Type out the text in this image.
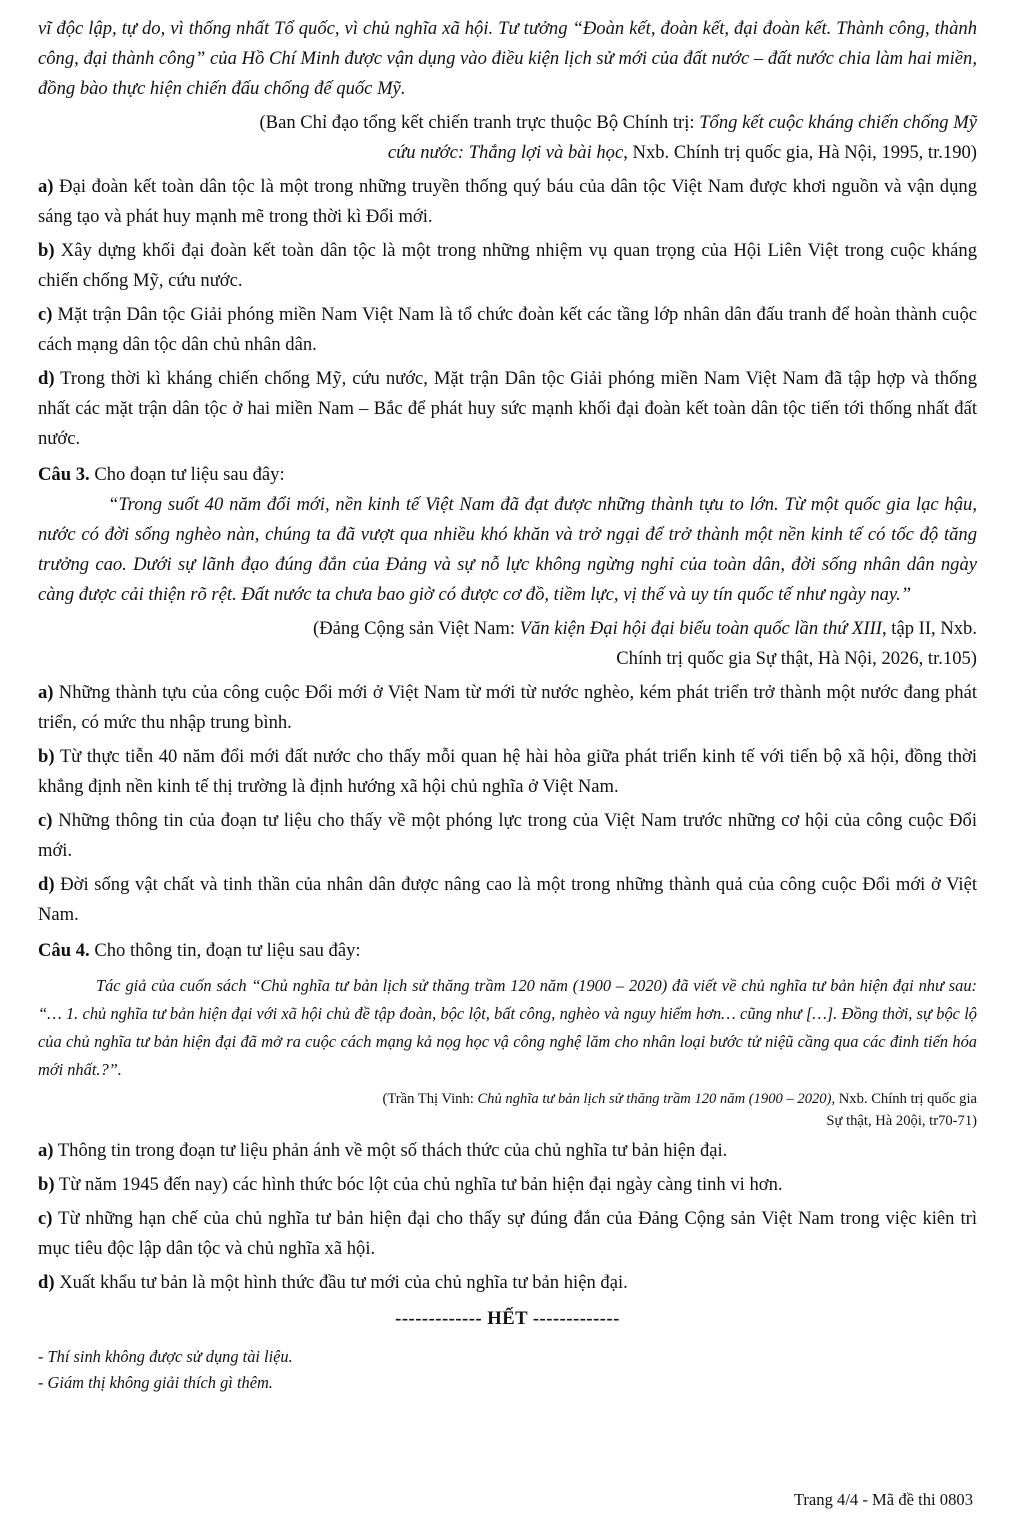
vĩ độc lập, tự do, vì thống nhất Tổ quốc, vì chủ nghĩa xã hội. Tư tưởng “Đoàn kết, đoàn kết, đại đoàn kết. Thành công, thành công, đại thành công” của Hồ Chí Minh được vận dụng vào điều kiện lịch sử mới của đất nước – đất nước chia làm hai miền, đồng bào thực hiện chiến đấu chống đế quốc Mỹ.

(Ban Chỉ đạo tổng kết chiến tranh trực thuộc Bộ Chính trị: Tổng kết cuộc kháng chiến chống Mỹ
cứu nước: Thắng lợi và bài học, Nxb. Chính trị quốc gia, Hà Nội, 1995, tr.190)

a) Đại đoàn kết toàn dân tộc là một trong những truyền thống quý báu của dân tộc Việt Nam được khơi nguồn và vận dụng sáng tạo và phát huy mạnh mẽ trong thời kì Đổi mới.

b) Xây dựng khối đại đoàn kết toàn dân tộc là một trong những nhiệm vụ quan trọng của Hội Liên Việt trong cuộc kháng chiến chống Mỹ, cứu nước.

c) Mặt trận Dân tộc Giải phóng miền Nam Việt Nam là tổ chức đoàn kết các tầng lớp nhân dân đấu tranh để hoàn thành cuộc cách mạng dân tộc dân chủ nhân dân.

d) Trong thời kì kháng chiến chống Mỹ, cứu nước, Mặt trận Dân tộc Giải phóng miền Nam Việt Nam đã tập hợp và thống nhất các mặt trận dân tộc ở hai miền Nam – Bắc để phát huy sức mạnh khối đại đoàn kết toàn dân tộc tiến tới thống nhất đất nước.

Câu 3. Cho đoạn tư liệu sau đây:

“Trong suốt 40 năm đổi mới, nền kinh tế Việt Nam đã đạt được những thành tựu to lớn. Từ một quốc gia lạc hậu, nước có đời sống nghèo nàn, chúng ta đã vượt qua nhiều khó khăn và trở ngại để trở thành một nền kinh tế có tốc độ tăng trưởng cao. Dưới sự lãnh đạo đúng đắn của Đảng và sự nỗ lực không ngừng nghỉ của toàn dân, đời sống nhân dân ngày càng được cải thiện rõ rệt. Đất nước ta chưa bao giờ có được cơ đồ, tiềm lực, vị thế và uy tín quốc tế như ngày nay.”

(Đảng Cộng sản Việt Nam: Văn kiện Đại hội đại biểu toàn quốc lần thứ XIII, tập II, Nxb.
Chính trị quốc gia Sự thật, Hà Nội, 2026, tr.105)

a) Những thành tựu của công cuộc Đổi mới ở Việt Nam từ mới từ nước nghèo, kém phát triển trở thành một nước đang phát triển, có mức thu nhập trung bình.

b) Từ thực tiễn 40 năm đổi mới đất nước cho thấy mỗi quan hệ hài hòa giữa phát triển kinh tế với tiến bộ xã hội, đồng thời khẳng định nền kinh tế thị trường là định hướng xã hội chủ nghĩa ở Việt Nam.

c) Những thông tin của đoạn tư liệu cho thấy về một phóng lực trong của Việt Nam trước những cơ hội của công cuộc Đổi mới.

d) Đời sống vật chất và tinh thần của nhân dân được nâng cao là một trong những thành quả của công cuộc Đổi mới ở Việt Nam.

Câu 4. Cho thông tin, đoạn tư liệu sau đây:

Tác giả của cuốn sách “Chủ nghĩa tư bản lịch sử thăng trầm 120 năm (1900 – 2020) đã viết về chủ nghĩa tư bản hiện đại như sau: “… 1. chủ nghĩa tư bản hiện đại với xã hội chủ đề tập đoàn, bộc lột, bất công, nghèo và nguy hiểm hơn… cũng như […]. Đồng thời, sự bộc lộ của chủ nghĩa tư bản hiện đại đã mở ra cuộc cách mạng kả nọg học vậ công nghệ lăm cho nhân loại bước tử niệũ cầng qua các đinh tiến hóa mới nhất.?”.

(Trần Thị Vinh: Chủ nghĩa tư bản lịch sử thăng trầm 120 năm (1900 – 2020), Nxb. Chính trị quốc gia
Sự thật, Hà 20ội, tr70-71)

a) Thông tin trong đoạn tư liệu phản ánh về một số thách thức của chủ nghĩa tư bản hiện đại.

b) Từ năm 1945 đến nay) các hình thức bóc lột của chủ nghĩa tư bản hiện đại ngày càng tinh vi hơn.

c) Từ những hạn chế của chủ nghĩa tư bản hiện đại cho thấy sự đúng đắn của Đảng Cộng sản Việt Nam trong việc kiên trì mục tiêu độc lập dân tộc và chủ nghĩa xã hội.

d) Xuất khẩu tư bản là một hình thức đầu tư mới của chủ nghĩa tư bản hiện đại.

------------- HẾT -------------
- Thí sinh không được sử dụng tài liệu.
- Giám thị không giải thích gì thêm.
Trang 4/4 - Mã đề thi 0803
